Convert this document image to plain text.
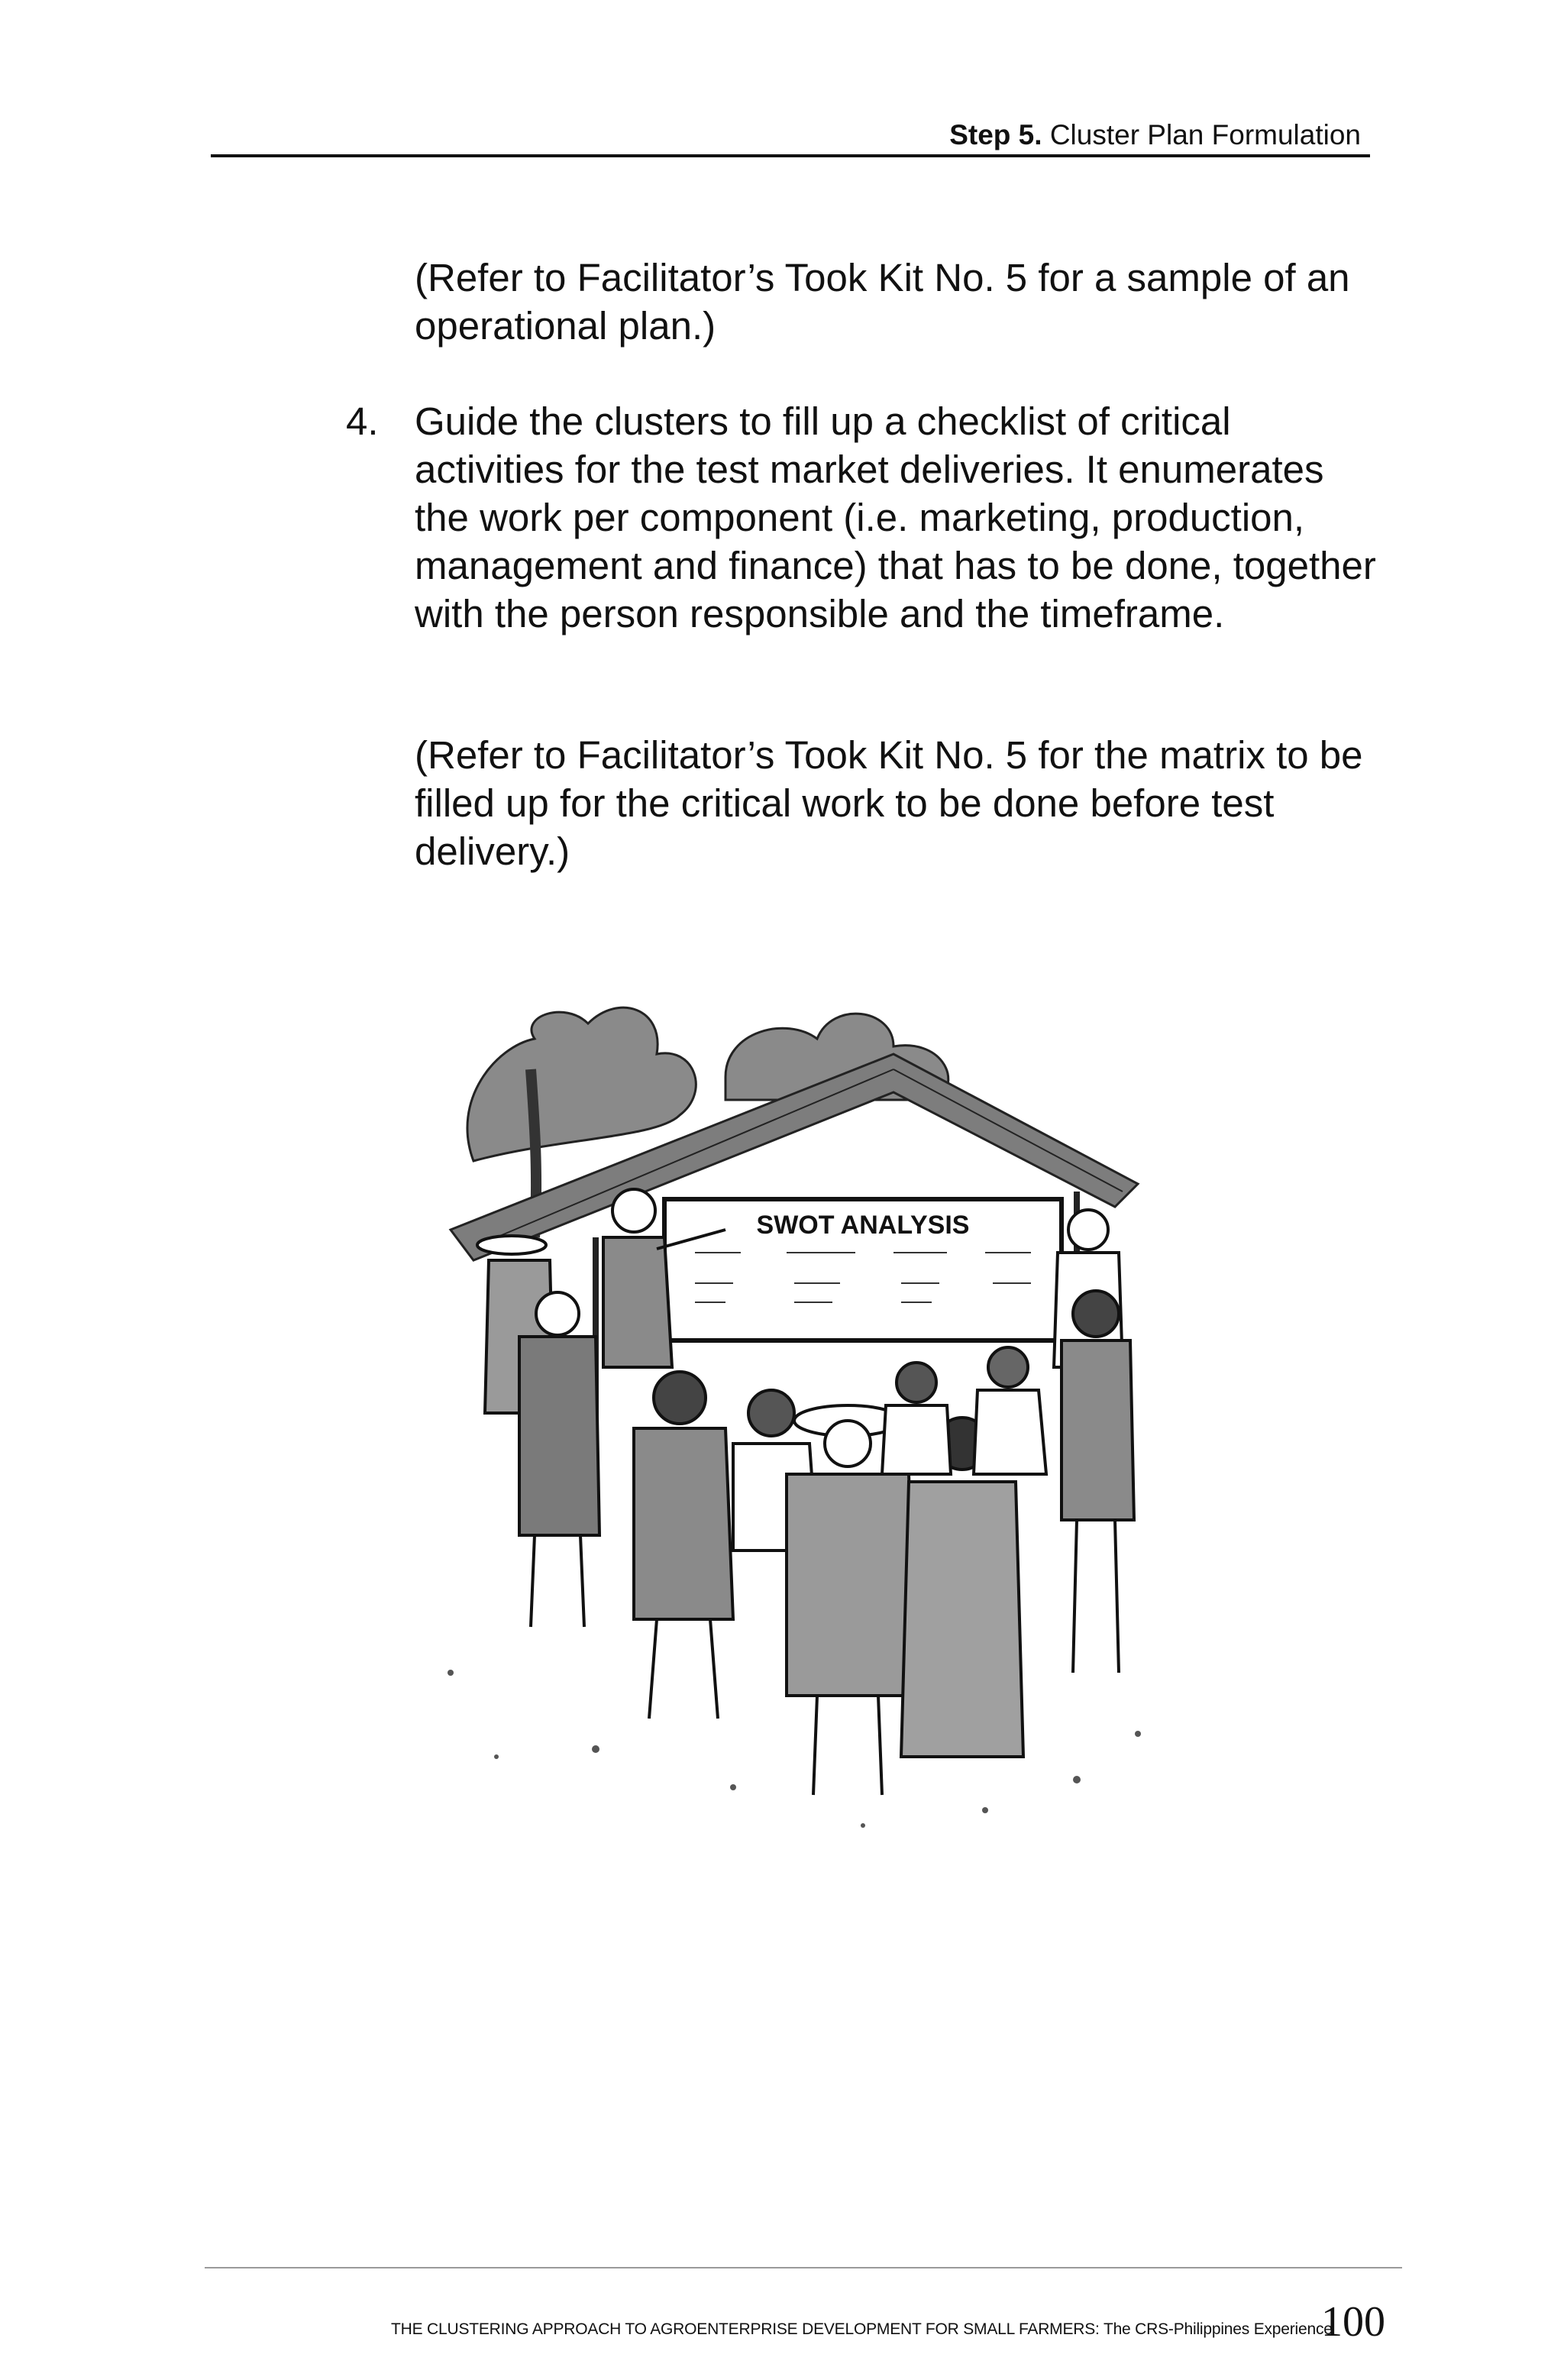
Step 5. Cluster Plan Formulation

(Refer to Facilitator’s Took Kit No. 5 for a sample of an operational plan.)

4. Guide the clusters to fill up a checklist of critical activities for the test market deliveries. It enumerates the work per component (i.e. marketing, production, management and finance) that has to be done, together with the person responsible and the timeframe.

(Refer to Facilitator’s Took Kit No. 5 for the matrix to be filled up for the critical work to be done before test delivery.)

SWOT ANALYSIS
THE CLUSTERING APPROACH TO AGROENTERPRISE DEVELOPMENT FOR SMALL FARMERS: The CRS-Philippines Experience
100
